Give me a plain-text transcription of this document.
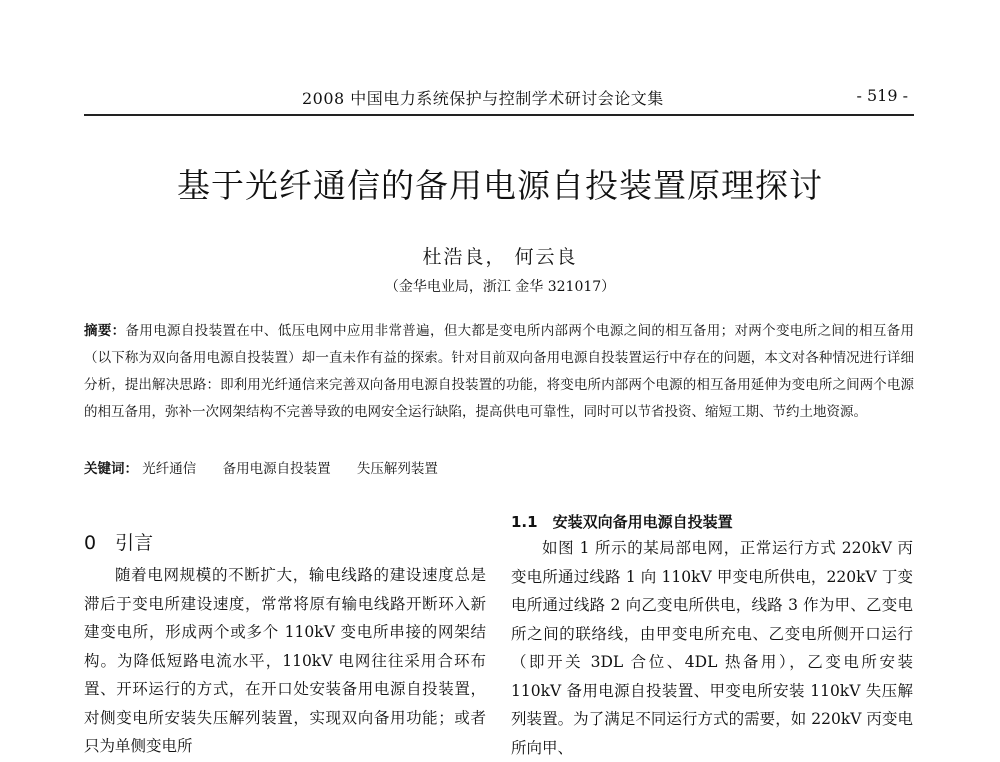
2008 中国电力系统保护与控制学术研讨会论文集	- 519 -
基于光纤通信的备用电源自投装置原理探讨
杜浩良， 何云良
（金华电业局，浙江 金华 321017）
摘要：备用电源自投装置在中、低压电网中应用非常普遍，但大都是变电所内部两个电源之间的相互备用；对两个变电所之间的相互备用（以下称为双向备用电源自投装置）却一直未作有益的探索。针对目前双向备用电源自投装置运行中存在的问题，本文对各种情况进行详细分析，提出解决思路：即利用光纤通信来完善双向备用电源自投装置的功能，将变电所内部两个电源的相互备用延伸为变电所之间两个电源的相互备用，弥补一次网架结构不完善导致的电网安全运行缺陷，提高供电可靠性，同时可以节省投资、缩短工期、节约土地资源。
关键词： 光纤通信 备用电源自投装置 失压解列装置
0　引言

随着电网规模的不断扩大，输电线路的建设速度总是滞后于变电所建设速度，常常将原有输电线路开断环入新建变电所，形成两个或多个 110kV 变电所串接的网架结构。为降低短路电流水平，110kV 电网往往采用合环布置、开环运行的方式，在开口处安装备用电源自投装置，对侧变电所安装失压解列装置，实现双向备用功能；或者只为单侧变电所

1.1　安装双向备用电源自投装置

如图 1 所示的某局部电网，正常运行方式 220kV 丙变电所通过线路 1 向 110kV 甲变电所供电，220kV 丁变电所通过线路 2 向乙变电所供电，线路 3 作为甲、乙变电所之间的联络线，由甲变电所充电、乙变电所侧开口运行（即开关 3DL 合位、4DL 热备用），乙变电所安装 110kV 备用电源自投装置、甲变电所安装 110kV 失压解列装置。为了满足不同运行方式的需要，如 220kV 丙变电所向甲、
